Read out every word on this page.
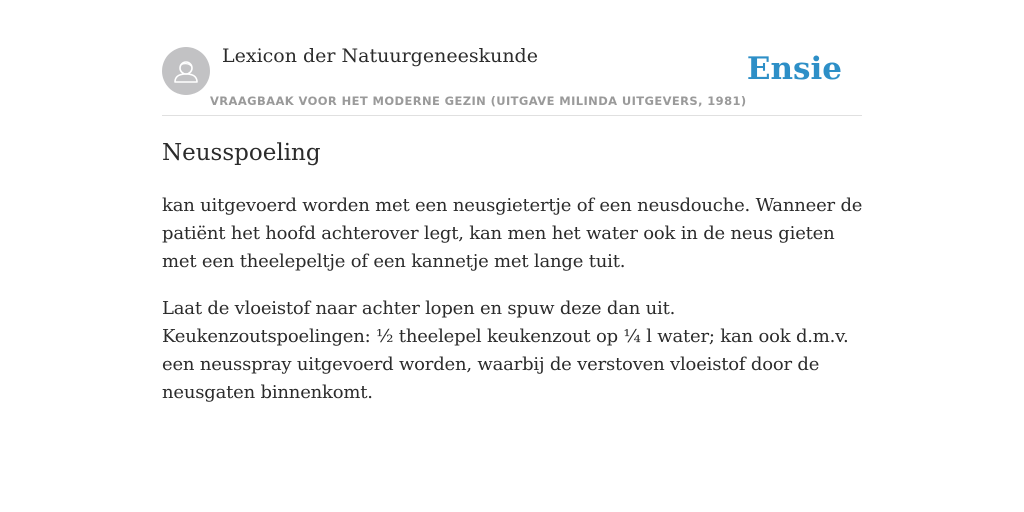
Lexicon der Natuurgeneeskunde
VRAAGBAAK VOOR HET MODERNE GEZIN (UITGAVE MILINDA UITGEVERS, 1981)
Ensie
Neusspoeling

kan uitgevoerd worden met een neusgietertje of een neusdouche. Wanneer de patiënt het hoofd achterover legt, kan men het water ook in de neus gieten met een theelepeltje of een kannetje met lange tuit.

Laat de vloeistof naar achter lopen en spuw deze dan uit. Keukenzoutspoelingen: ½ theelepel keukenzout op ¼ l water; kan ook d.m.v. een neusspray uitgevoerd worden, waarbij de verstoven vloeistof door de neusgaten binnenkomt.
